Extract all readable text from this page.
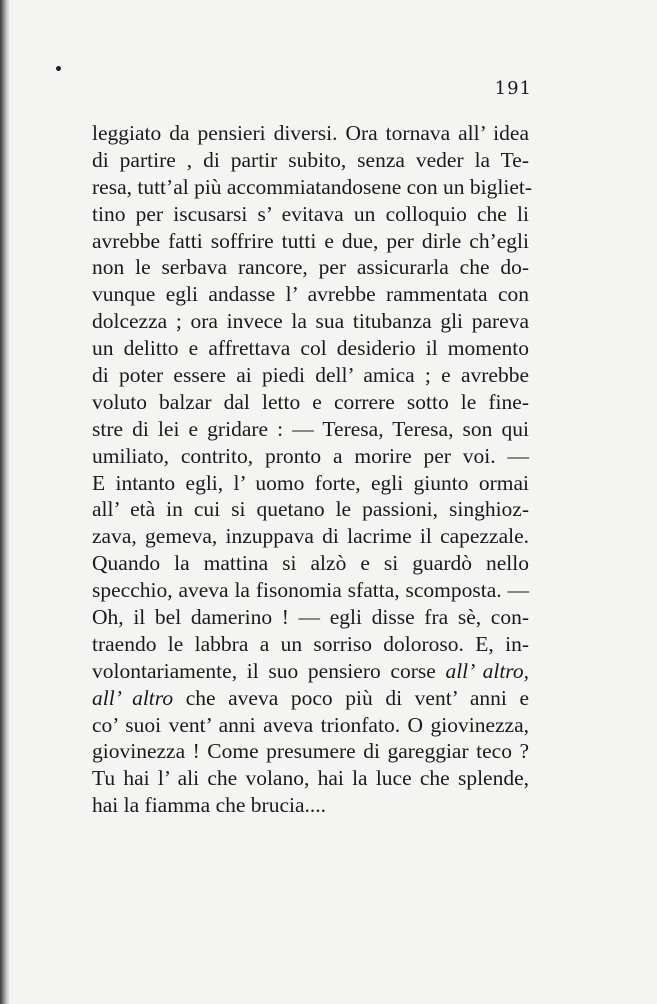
191
leggiato da pensieri diversi. Ora tornava all’ idea
di partire , di partir subito, senza veder la Te-
resa, tutt’al più accommiatandosene con un bigliet-
tino per iscusarsi s’ evitava un colloquio che li
avrebbe fatti soffrire tutti e due, per dirle ch’egli
non le serbava rancore, per assicurarla che do-
vunque egli andasse l’ avrebbe rammentata con
dolcezza ; ora invece la sua titubanza gli pareva
un delitto e affrettava col desiderio il momento
di poter essere ai piedi dell’ amica ; e avrebbe
voluto balzar dal letto e correre sotto le fine-
stre di lei e gridare : — Teresa, Teresa, son qui
umiliato, contrito, pronto a morire per voi. —
E intanto egli, l’ uomo forte, egli giunto ormai
all’ età in cui si quetano le passioni, singhioz-
zava, gemeva, inzuppava di lacrime il capezzale.
Quando la mattina si alzò e si guardò nello
specchio, aveva la fisonomia sfatta, scomposta. —
Oh, il bel damerino ! — egli disse fra sè, con-
traendo le labbra a un sorriso doloroso. E, in-
volontariamente, il suo pensiero corse all’ altro,
all’ altro che aveva poco più di vent’ anni e
co’ suoi vent’ anni aveva trionfato. O giovinezza,
giovinezza ! Come presumere di gareggiar teco ?
Tu hai l’ ali che volano, hai la luce che splende,
hai la fiamma che brucia....
